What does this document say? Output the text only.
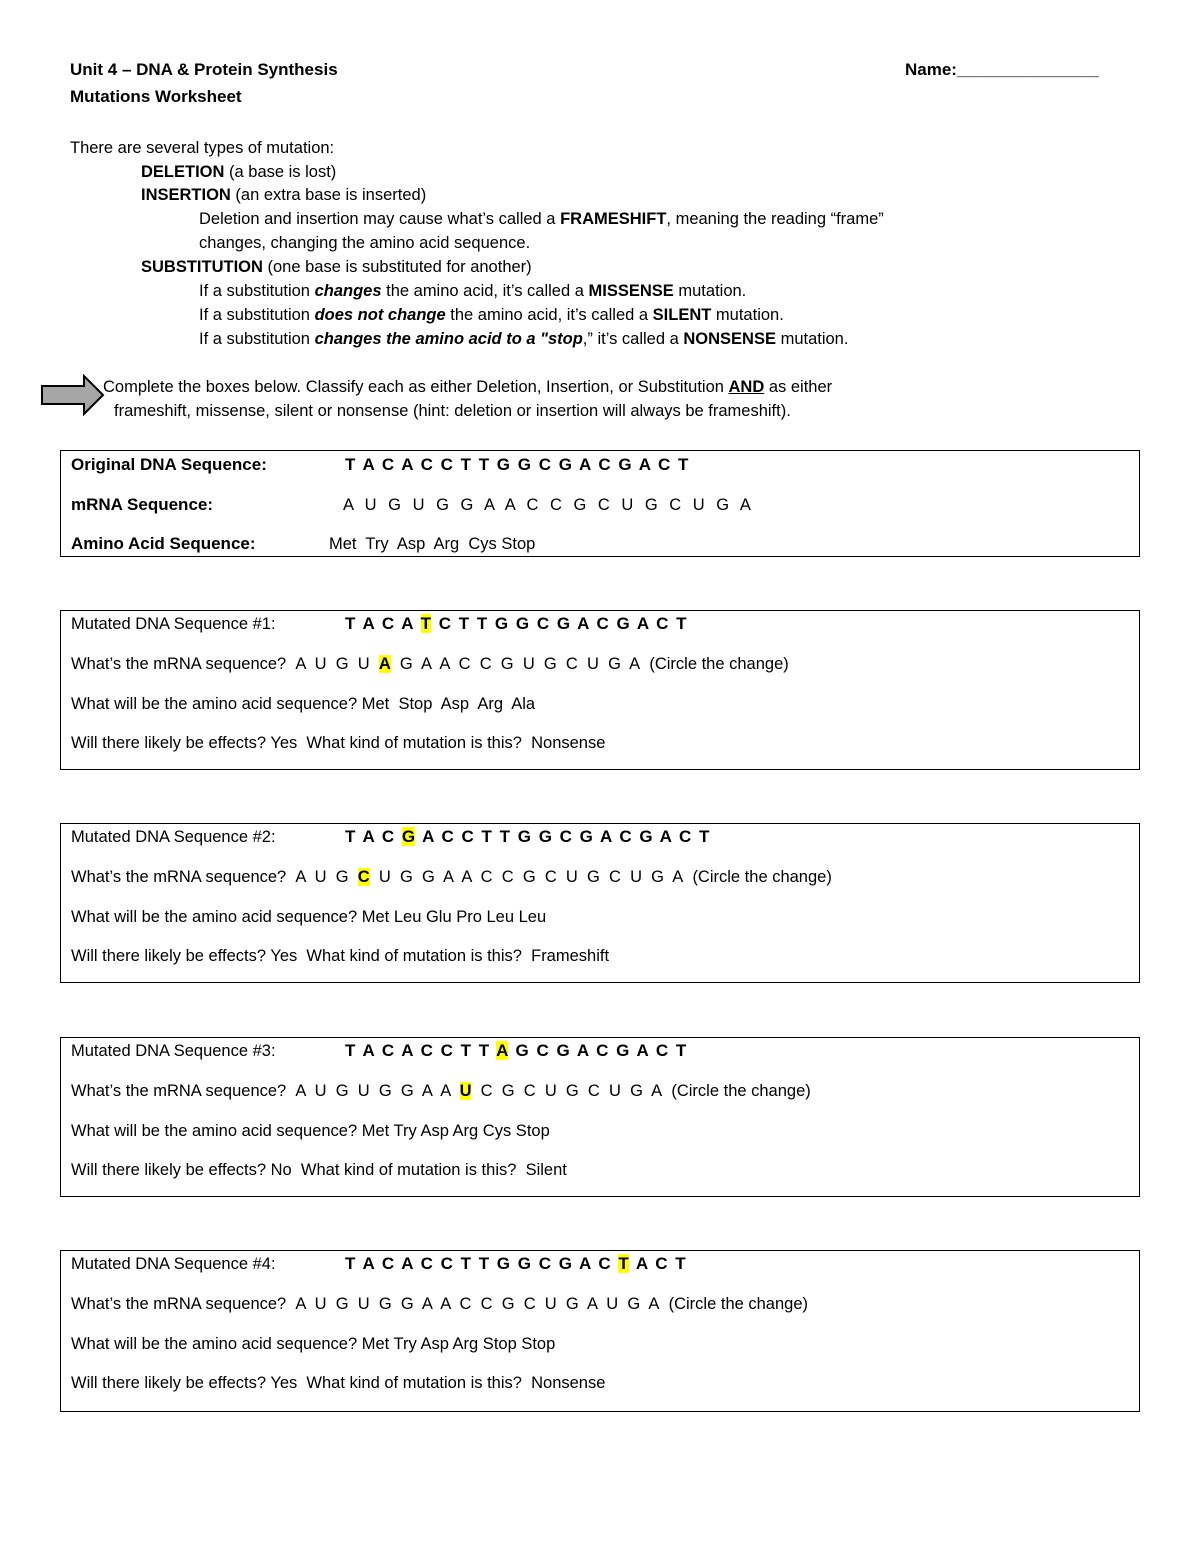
Unit 4 – DNA & Protein Synthesis
Mutations Worksheet
Name:_______________
There are several types of mutation:
DELETION (a base is lost)
INSERTION (an extra base is inserted)
Deletion and insertion may cause what’s called a FRAMESHIFT, meaning the reading “frame”
changes, changing the amino acid sequence.
SUBSTITUTION (one base is substituted for another)
If a substitution changes the amino acid, it’s called a MISSENSE mutation.
If a substitution does not change the amino acid, it’s called a SILENT mutation.
If a substitution changes the amino acid to a "stop,” it’s called a NONSENSE mutation.
Complete the boxes below. Classify each as either Deletion, Insertion, or Substitution AND as either
frameshift, missense, silent or nonsense (hint: deletion or insertion will always be frameshift).
Original DNA Sequence:	T A C A C C T T G G C G A C G A C T
mRNA Sequence:	A U G U G G A A C C G C U G C U G A
Amino Acid Sequence:	Met  Try  Asp  Arg  Cys Stop
Mutated DNA Sequence #1:	T A C A T C T T G G C G A C G A C T
What’s the mRNA sequence? A  U  G  U  A  G  A  A  C  C  G  U  G  C  U  G  A (Circle the change)
What will be the amino acid sequence? Met  Stop  Asp  Arg  Ala
Will there likely be effects? Yes What kind of mutation is this? Nonsense
Mutated DNA Sequence #2:	T A C G A C C T T G G C G A C G A C T
What’s the mRNA sequence? A  U  G  C  U  G  G  A  A  C  C  G  C  U  G  C  U  G  A (Circle the change)
What will be the amino acid sequence? Met Leu Glu Pro Leu Leu
Will there likely be effects? Yes What kind of mutation is this? Frameshift
Mutated DNA Sequence #3:	T A C A C C T T A G C G A C G A C T
What’s the mRNA sequence? A  U  G  U  G  G  A  A  U  C  G  C  U  G  C  U  G  A (Circle the change)
What will be the amino acid sequence? Met Try Asp Arg Cys Stop
Will there likely be effects? No What kind of mutation is this? Silent
Mutated DNA Sequence #4:	T A C A C C T T G G C G A C T A C T
What’s the mRNA sequence? A  U  G  U  G  G  A  A  C  C  G  C  U  G  A  U  G  A (Circle the change)
What will be the amino acid sequence? Met Try Asp Arg Stop Stop
Will there likely be effects? Yes What kind of mutation is this? Nonsense
